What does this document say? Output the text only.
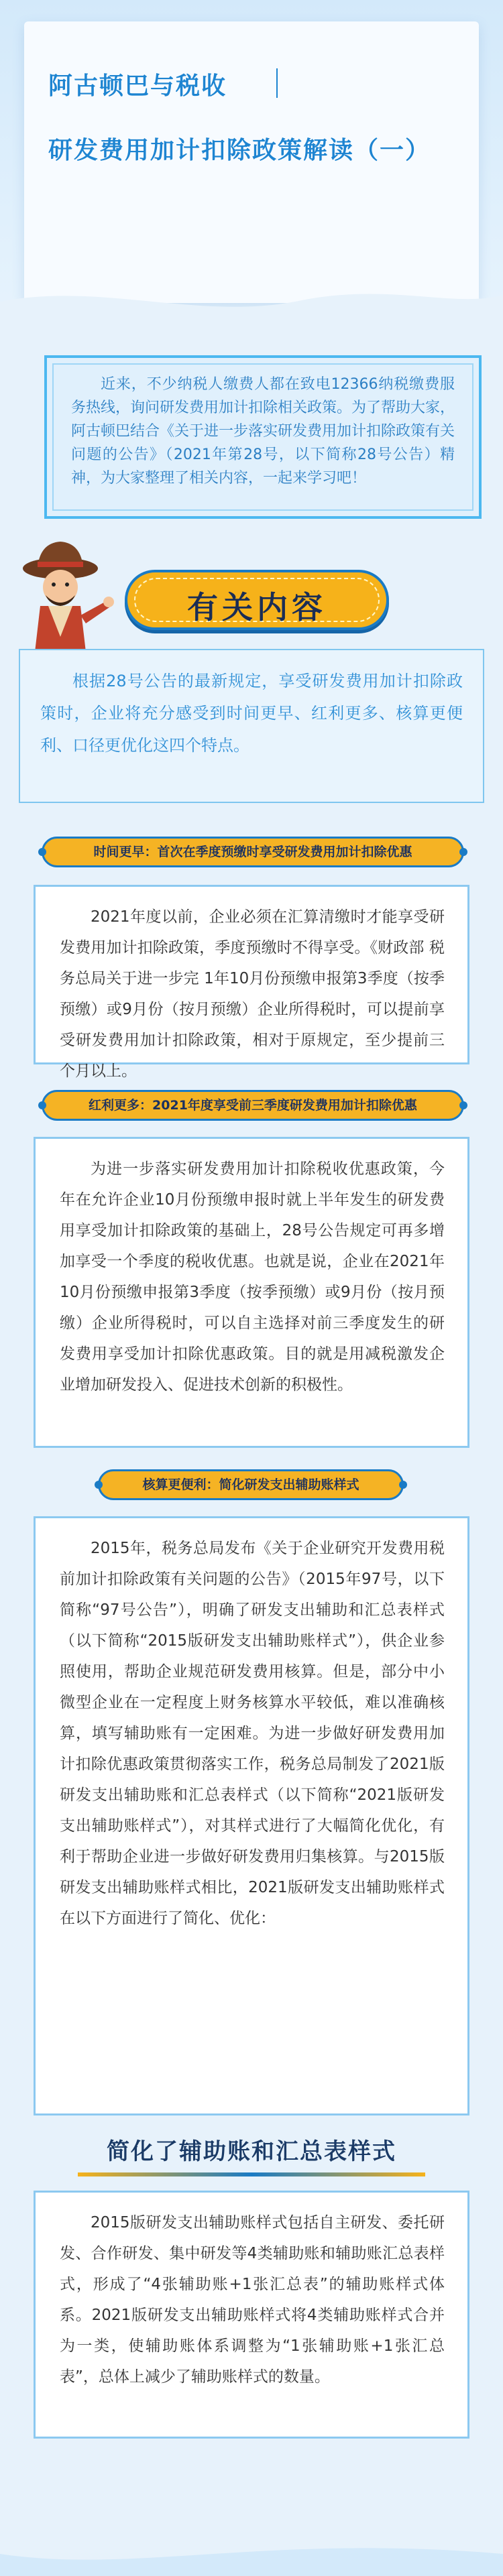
阿古顿巴与税收
研发费用加计扣除政策解读（一）

近来，不少纳税人缴费人都在致电12366纳税缴费服务热线，询问研发费用加计扣除相关政策。为了帮助大家，阿古顿巴结合《关于进一步落实研发费用加计扣除政策有关问题的公告》（2021年第28号，以下简称28号公告）精神，为大家整理了相关内容，一起来学习吧！

有关内容

根据28号公告的最新规定，享受研发费用加计扣除政策时，企业将充分感受到时间更早、红利更多、核算更便利、口径更优化这四个特点。

时间更早：首次在季度预缴时享受研发费用加计扣除优惠

2021年度以前，企业必须在汇算清缴时才能享受研发费用加计扣除政策，季度预缴时不得享受。《财政部 税务总局关于进一步完 1年10月份预缴申报第3季度（按季预缴）或9月份（按月预缴）企业所得税时，可以提前享受研发费用加计扣除政策，相对于原规定，至少提前三个月以上。

红利更多：2021年度享受前三季度研发费用加计扣除优惠

为进一步落实研发费用加计扣除税收优惠政策，今年在允许企业10月份预缴申报时就上半年发生的研发费用享受加计扣除政策的基础上，28号公告规定可再多增加享受一个季度的税收优惠。也就是说，企业在2021年10月份预缴申报第3季度（按季预缴）或9月份（按月预缴）企业所得税时，可以自主选择对前三季度发生的研发费用享受加计扣除优惠政策。目的就是用减税激发企业增加研发投入、促进技术创新的积极性。

核算更便利：简化研发支出辅助账样式

2015年，税务总局发布《关于企业研究开发费用税前加计扣除政策有关问题的公告》（2015年97号，以下简称“97号公告”），明确了研发支出辅助和汇总表样式（以下简称“2015版研发支出辅助账样式”），供企业参照使用，帮助企业规范研发费用核算。但是，部分中小微型企业在一定程度上财务核算水平较低，难以准确核算，填写辅助账有一定困难。为进一步做好研发费用加计扣除优惠政策贯彻落实工作，税务总局制发了2021版研发支出辅助账和汇总表样式（以下简称“2021版研发支出辅助账样式”），对其样式进行了大幅简化优化，有利于帮助企业进一步做好研发费用归集核算。与2015版研发支出辅助账样式相比，2021版研发支出辅助账样式在以下方面进行了简化、优化：

简化了辅助账和汇总表样式

2015版研发支出辅助账样式包括自主研发、委托研发、合作研发、集中研发等4类辅助账和辅助账汇总表样式，形成了“4张辅助账+1张汇总表”的辅助账样式体系。2021版研发支出辅助账样式将4类辅助账样式合并为一类，使辅助账体系调整为“1张辅助账+1张汇总表”，总体上减少了辅助账样式的数量。
